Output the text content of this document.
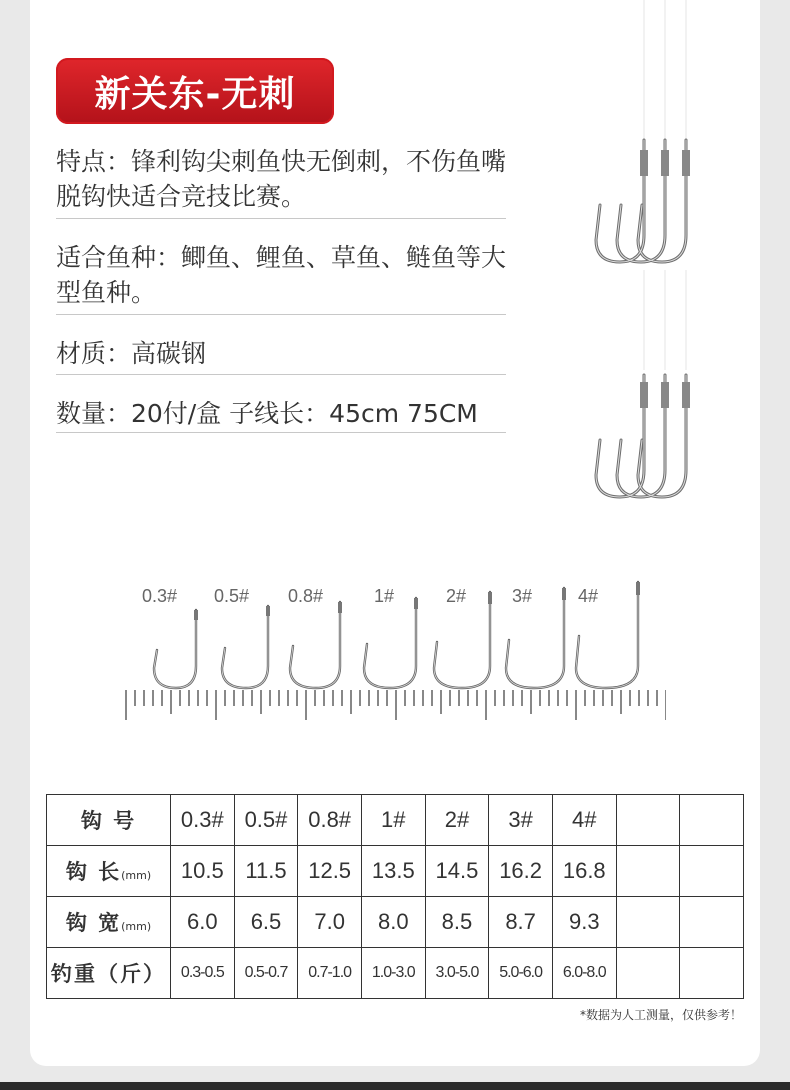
新关东-无刺
特点：锋利钩尖刺鱼快无倒刺，不伤鱼嘴脱钩快适合竞技比赛。
适合鱼种：鲫鱼、鲤鱼、草鱼、鲢鱼等大型鱼种。
材质：高碳钢
数量：20付/盒 子线长：45cm 75CM
0.3# 0.5# 0.8#	1#	2#	3#	4#
钩 号	0.3#	0.5#	0.8#	1#	2#	3#	4#		
钩 长(mm)	10.5	11.5	12.5	13.5	14.5	16.2	16.8		
钩 宽(mm)	6.0	6.5	7.0	8.0	8.5	8.7	9.3		
钓重（斤）	0.3-0.5	0.5-0.7	0.7-1.0	1.0-3.0	3.0-5.0	5.0-6.0	6.0-8.0		
*数据为人工测量，仅供参考！
